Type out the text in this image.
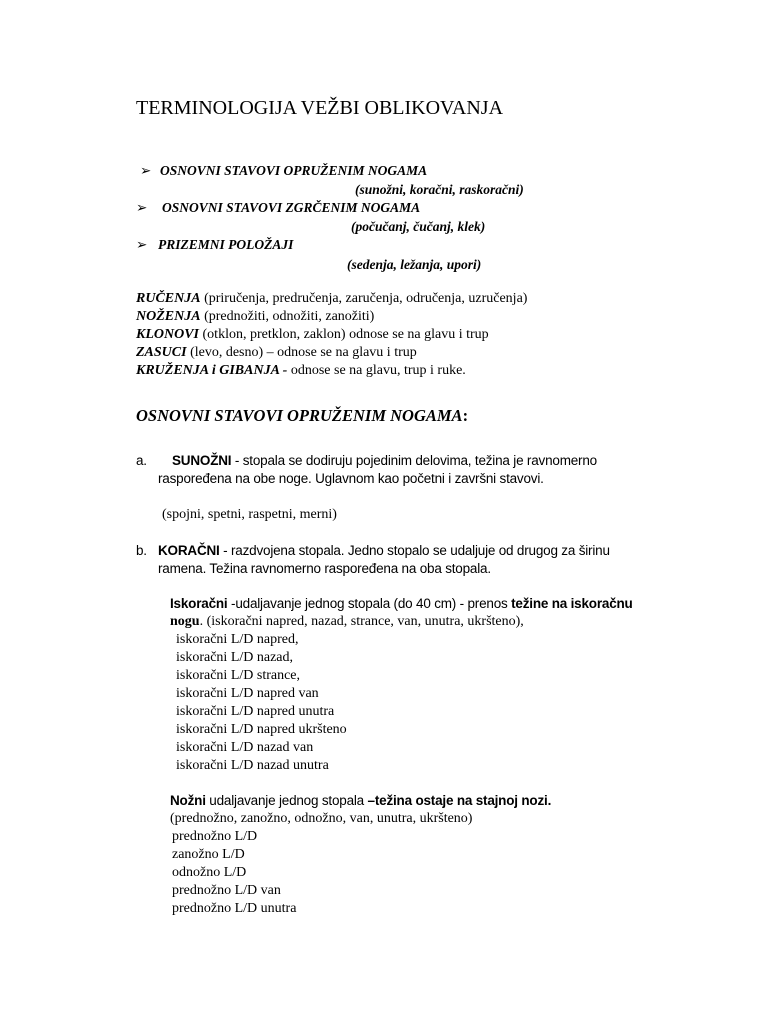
TERMINOLOGIJA VEŽBI OBLIKOVANJA
➢ OSNOVNI STAVOVI OPRUŽENIM NOGAMA
(sunožni, koračni, raskoračni)
➢ OSNOVNI STAVOVI ZGRČENIM NOGAMA
(počučanj, čučanj, klek)
➢ PRIZEMNI POLOŽAJI
(sedenja, ležanja, upori)
RUČENJA (priručenja, predručenja, zaručenja, odručenja, uzručenja)
NOŽENJA (prednožiti, odnožiti, zanožiti)
KLONOVI (otklon, pretklon, zaklon) odnose se na glavu i trup
ZASUCI (levo, desno) – odnose se na glavu i trup
KRUŽENJA i GIBANJA - odnose se na glavu, trup i ruke.
OSNOVNI STAVOVI OPRUŽENIM NOGAMA:
a. SUNOŽNI - stopala se dodiruju pojedinim delovima, težina je ravnomerno
raspoređena na obe noge. Uglavnom kao početni i završni stavovi.
(spojni, spetni, raspetni, merni)
b. KORAČNI - razdvojena stopala. Jedno stopalo se udaljuje od drugog za širinu
ramena. Težina ravnomerno raspoređena na oba stopala.
Iskoračni -udaljavanje jednog stopala (do 40 cm) - prenos težine na iskoračnu
nogu. (iskoračni napred, nazad, strance, van, unutra, ukršteno),
iskoračni L/D napred,
iskoračni L/D nazad,
iskoračni L/D strance,
iskoračni L/D napred van
iskoračni L/D napred unutra
iskoračni L/D napred ukršteno
iskoračni L/D nazad van
iskoračni L/D nazad unutra
Nožni udaljavanje jednog stopala –težina ostaje na stajnoj nozi.
(prednožno, zanožno, odnožno, van, unutra, ukršteno)
prednožno L/D
zanožno L/D
odnožno L/D
prednožno L/D van
prednožno L/D unutra
